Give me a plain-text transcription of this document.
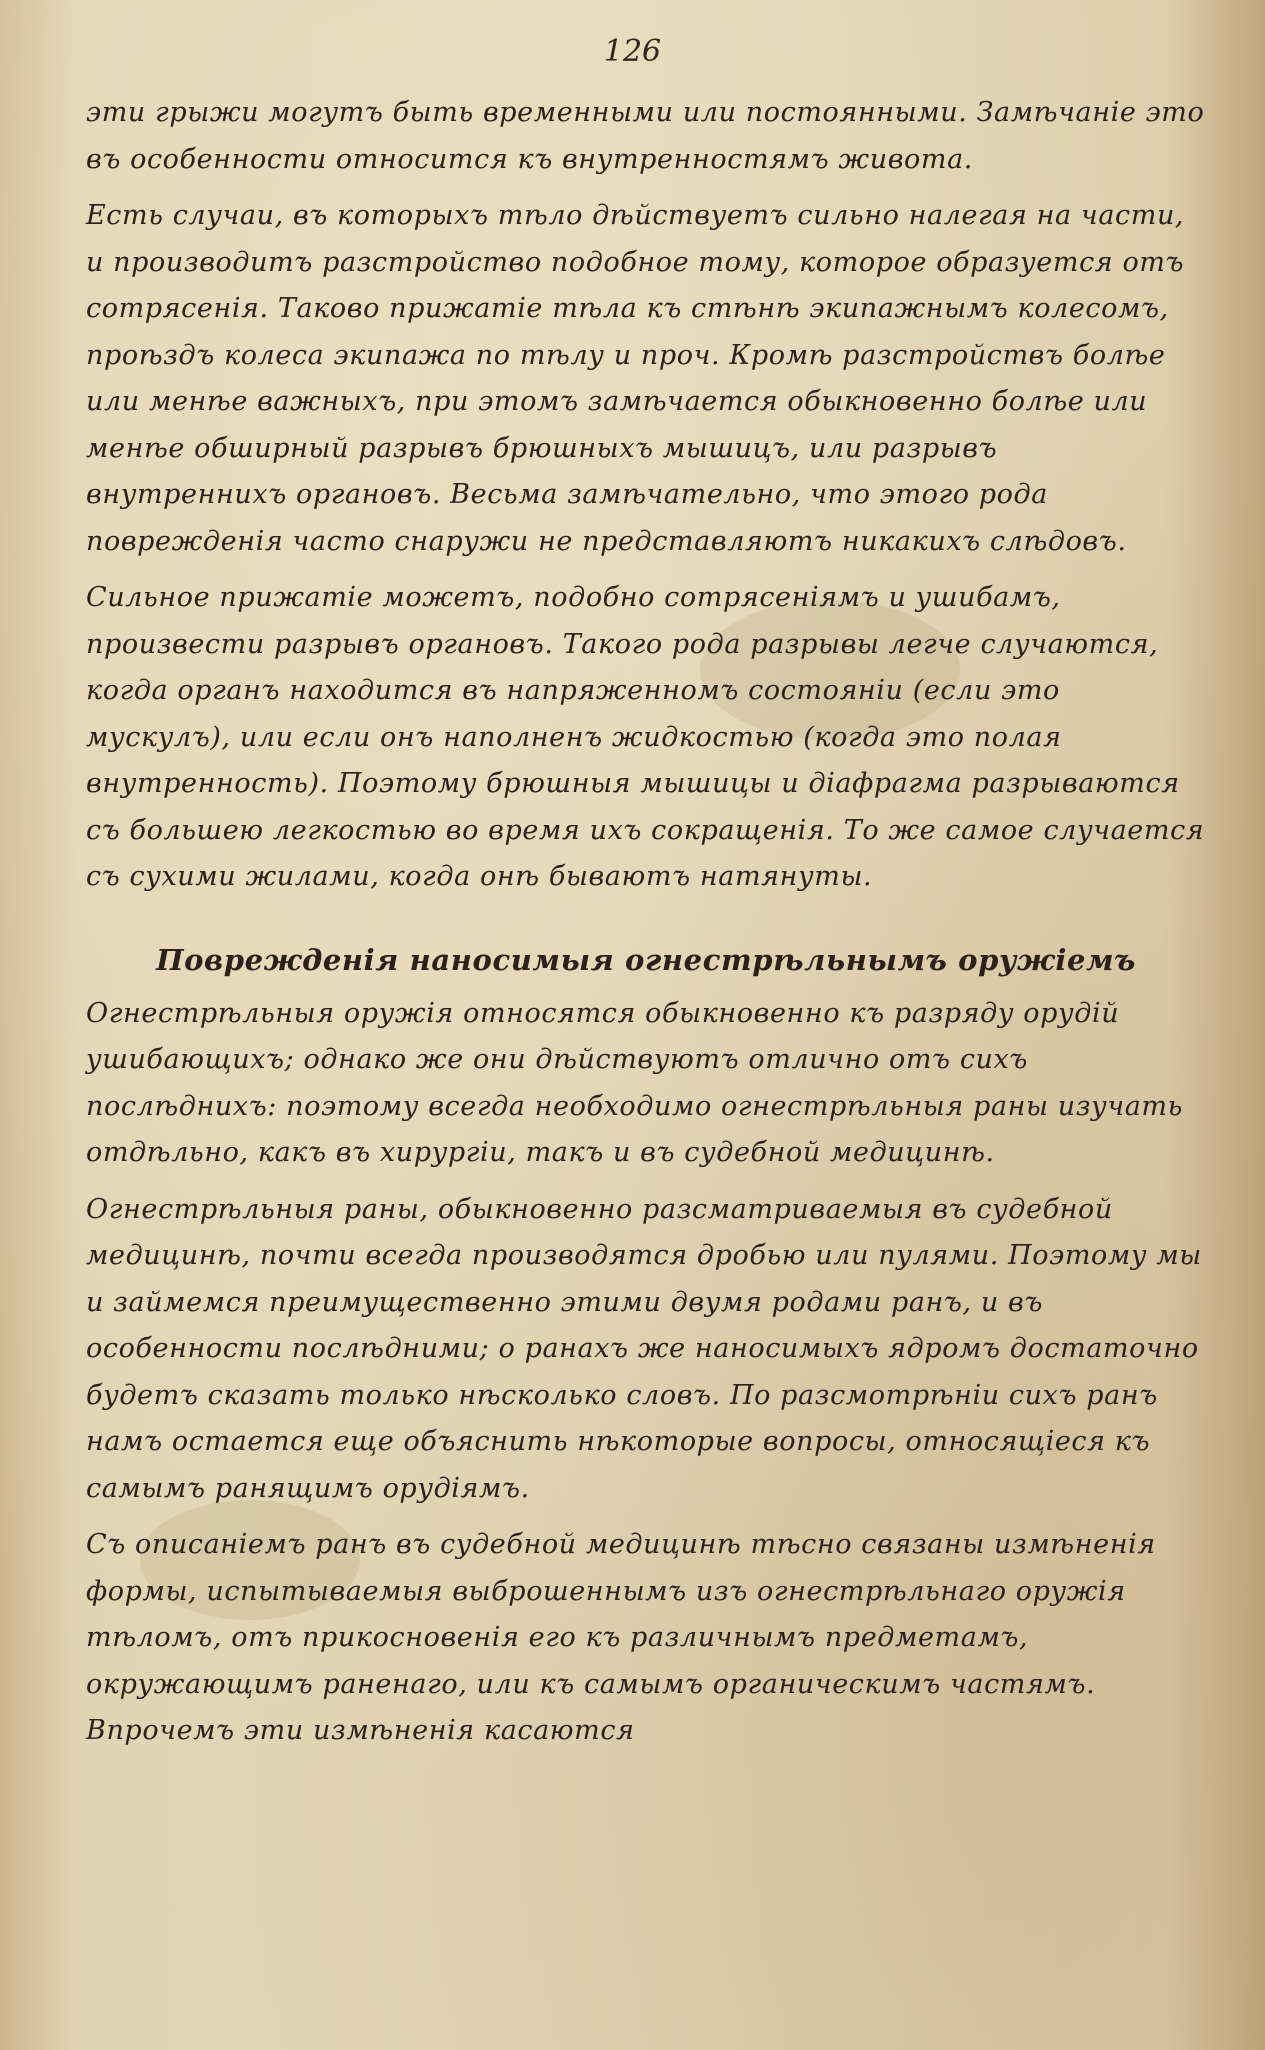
126

эти грыжи могутъ быть временными или постоянными. Замѣчаніе это въ особенности относится къ внутренностямъ живота.

Есть случаи, въ которыхъ тѣло дѣйствуетъ сильно налегая на части, и производитъ разстройство подобное тому, которое образуется отъ сотрясенія. Таково прижатіе тѣла къ стѣнѣ экипажнымъ колесомъ, проѣздъ колеса экипажа по тѣлу и проч. Кромѣ разстройствъ болѣе или менѣе важныхъ, при этомъ замѣчается обыкновенно болѣе или менѣе обширный разрывъ брюшныхъ мышицъ, или разрывъ внутреннихъ органовъ. Весьма замѣчательно, что этого рода поврежденія часто снаружи не представляютъ никакихъ слѣдовъ.

Сильное прижатіе можетъ, подобно сотрясеніямъ и ушибамъ, произвести разрывъ органовъ. Такого рода разрывы легче случаются, когда органъ находится въ напряженномъ состояніи (если это мускулъ), или если онъ наполненъ жидкостью (когда это полая внутренность). Поэтому брюшныя мышицы и діафрагма разрываются съ большею легкостью во время ихъ сокращенія. То же самое случается съ сухими жилами, когда онѣ бываютъ натянуты.

Поврежденія наносимыя огнестрѣльнымъ оружіемъ

Огнестрѣльныя оружія относятся обыкновенно къ разряду орудій ушибающихъ; однако же они дѣйствуютъ отлично отъ сихъ послѣднихъ: поэтому всегда необходимо огнестрѣльныя раны изучать отдѣльно, какъ въ хирургіи, такъ и въ судебной медицинѣ.

Огнестрѣльныя раны, обыкновенно разсматриваемыя въ судебной медицинѣ, почти всегда производятся дробью или пулями. Поэтому мы и займемся преимущественно этими двумя родами ранъ, и въ особенности послѣдними; о ранахъ же наносимыхъ ядромъ достаточно будетъ сказать только нѣсколько словъ. По разсмотрѣніи сихъ ранъ намъ остается еще объяснить нѣкоторые вопросы, относящіеся къ самымъ ранящимъ орудіямъ.

Съ описаніемъ ранъ въ судебной медицинѣ тѣсно связаны измѣненія формы, испытываемыя выброшеннымъ изъ огнестрѣльнаго оружія тѣломъ, отъ прикосновенія его къ различнымъ предметамъ, окружающимъ раненаго, или къ самымъ органическимъ частямъ. Впрочемъ эти измѣненія касаются
